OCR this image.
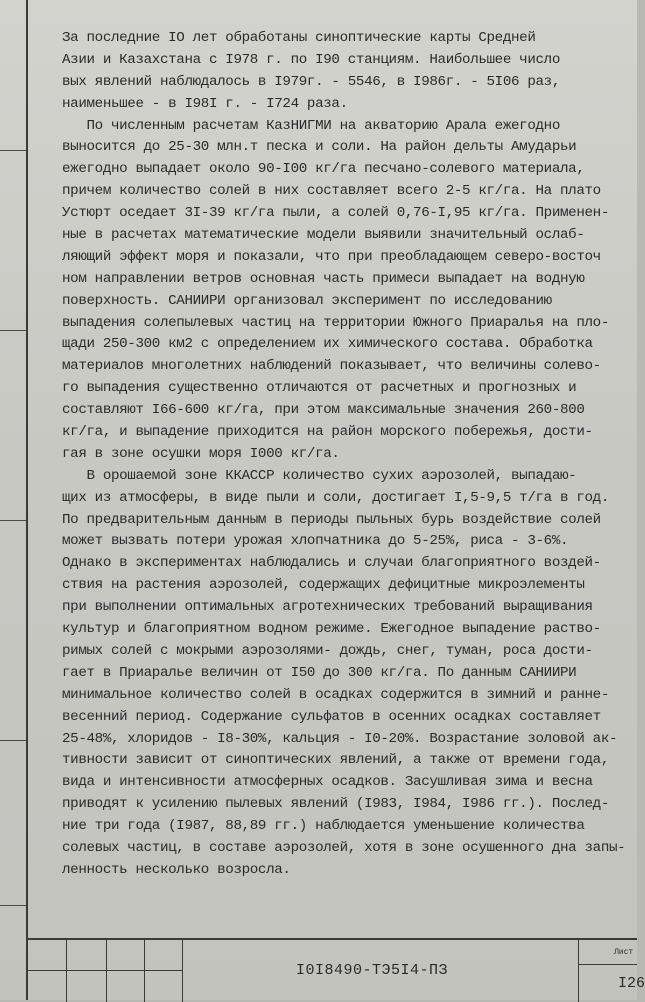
За последние IO лет обработаны синоптические карты Средней
Азии и Казахстана с I978 г. по I90 станциям. Наибольшее число
вых явлений наблюдалось в I979г. - 5546, в I986г. - 5I06 раз,
наименьшее - в I98I г. - I724 раза.
По численным расчетам КазНИГМИ на акваторию Арала ежегодно
выносится до 25-30 млн.т песка и соли. На район дельты Амударьи
ежегодно выпадает около 90-I00 кг/га песчано-солевого материала,
причем количество солей в них составляет всего 2-5 кг/га. На плато
Устюрт оседает 3I-39 кг/га пыли, а солей 0,76-I,95 кг/га. Применен-
ные в расчетах математические модели выявили значительный ослаб-
ляющий эффект моря и показали, что при преобладающем северо-восточ
ном направлении ветров основная часть примеси выпадает на водную
поверхность. САНИИРИ организовал эксперимент по исследованию
выпадения солепылевых частиц на территории Южного Приаралья на пло-
щади 250-300 км2 с определением их химического состава. Обработка
материалов многолетних наблюдений показывает, что величины солево-
го выпадения существенно отличаются от расчетных и прогнозных и
составляют I66-600 кг/га, при этом максимальные значения 260-800
кг/га, и выпадение приходится на район морского побережья, дости-
гая в зоне осушки моря I000 кг/га.
В орошаемой зоне ККАССР количество сухих аэрозолей, выпадаю-
щих из атмосферы, в виде пыли и соли, достигает I,5-9,5 т/га в год.
По предварительным данным в периоды пыльных бурь воздействие солей
может вызвать потери урожая хлопчатника до 5-25%, риса - 3-6%.
Однако в экспериментах наблюдались и случаи благоприятного воздей-
ствия на растения аэрозолей, содержащих дефицитные микроэлементы
при выполнении оптимальных агротехнических требований выращивания
культур и благоприятном водном режиме. Ежегодное выпадение раство-
римых солей с мокрыми аэрозолями- дождь, снег, туман, роса дости-
гает в Приаралье величин от I50 до 300 кг/га. По данным САНИИРИ
минимальное количество солей в осадках содержится в зимний и ранне-
весенний период. Содержание сульфатов в осенних осадках составляет
25-48%, хлоридов - I8-30%, кальция - I0-20%. Возрастание золовой ак-
тивности зависит от синоптических явлений, а также от времени года,
вида и интенсивности атмосферных осадков. Засушливая зима и весна
приводят к усилению пылевых явлений (I983, I984, I986 гг.). Послед-
ние три года (I987, 88,89 гг.) наблюдается уменьшение количества
солевых частиц, в составе аэрозолей, хотя в зоне осушенного дна запы-
ленность несколько возросла.
I0I8490-ТЭ5I4-ПЗ
Лист
I26
